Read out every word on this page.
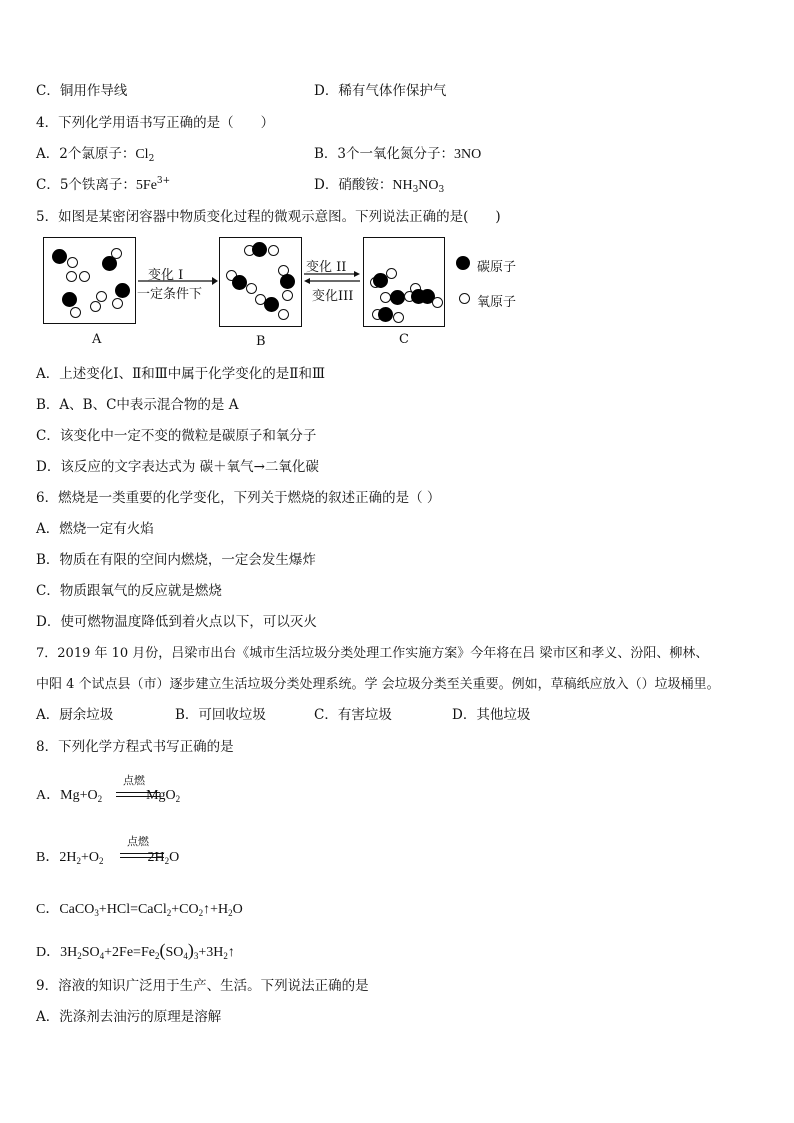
C．铜用作导线	D．稀有气体作保护气
4．下列化学用语书写正确的是（　　）
A．2个氯原子：$Cl_2$	B．3个一氧化氮分子：3NO
C．5个铁离子：$5Fe^{3+}$	D．硝酸铵：$NH_3NO_3$
5．如图是某密闭容器中物质变化过程的微观示意图。下列说法正确的是(　　)
A
变化 I
一定条件下
B
变化 II
变化III
C
碳原子
氧原子
A．上述变化Ⅰ、Ⅱ和Ⅲ中属于化学变化的是Ⅱ和Ⅲ
B．A、B、C中表示混合物的是 A
C．该变化中一定不变的微粒是碳原子和氧分子
D．该反应的文字表达式为 碳＋氧气→二氧化碳
6．燃烧是一类重要的化学变化，下列关于燃烧的叙述正确的是（ ）
A．燃烧一定有火焰
B．物质在有限的空间内燃烧，一定会发生爆炸
C．物质跟氧气的反应就是燃烧
D．使可燃物温度降低到着火点以下，可以灭火
7．2019 年 10 月份，吕梁市出台《城市生活垃圾分类处理工作实施方案》今年将在吕 梁市区和孝义、汾阳、柳林、
中阳 4 个试点县（市）逐步建立生活垃圾分类处理系统。学 会垃圾分类至关重要。例如，草稿纸应放入（）垃圾桶里。
A．厨余垃圾	B．可回收垃圾	C．有害垃圾	D．其他垃圾
8．下列化学方程式书写正确的是
A．$Mg+O_2$	MgO$_2$
点燃
B．$2H_2+O_2$	$2H_2O$
点燃
C．$CaCO_3+HCl=CaCl_2+CO_2↑+H_2O$
D．$3H_2SO_4+2Fe=Fe_2(SO_4)_3+3H_2↑$
9．溶液的知识广泛用于生产、生活。下列说法正确的是
A．洗涤剂去油污的原理是溶解
